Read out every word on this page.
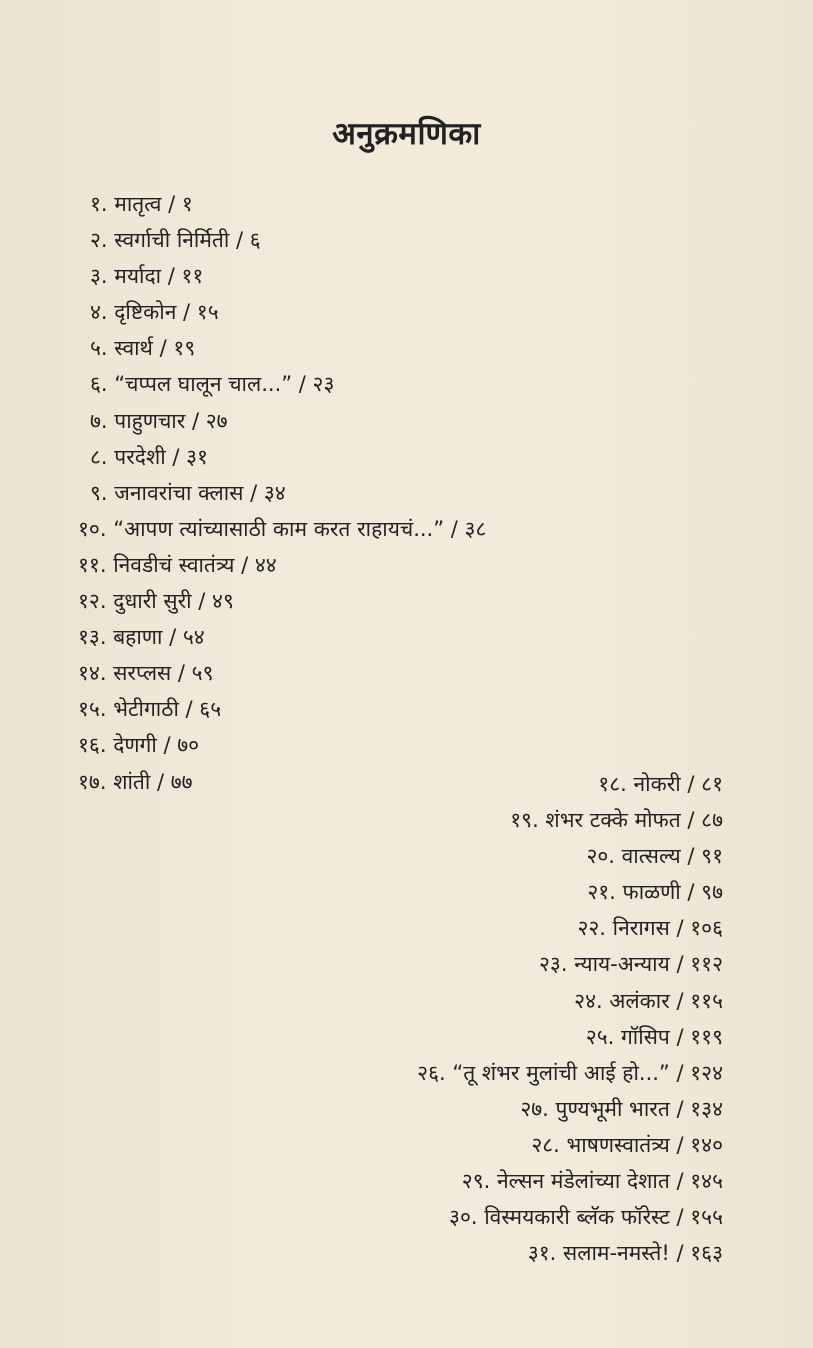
अनुक्रमणिका
१. मातृत्व / १
२. स्वर्गाची निर्मिती / ६
३. मर्यादा / ११
४. दृष्टिकोन / १५
५. स्वार्थ / १९
६. “चप्पल घालून चाल...” / २३
७. पाहुणचार / २७
८. परदेशी / ३१
९. जनावरांचा क्लास / ३४
१०. “आपण त्यांच्यासाठी काम करत राहायचं...” / ३८
११. निवडीचं स्वातंत्र्य / ४४
१२. दुधारी सुरी / ४९
१३. बहाणा / ५४
१४. सरप्लस / ५९
१५. भेटीगाठी / ६५
१६. देणगी / ७०
१७. शांती / ७७	१८. नोकरी / ८१
१९. शंभर टक्के मोफत / ८७
२०. वात्सल्य / ९१
२१. फाळणी / ९७
२२. निरागस / १०६
२३. न्याय-अन्याय / ११२
२४. अलंकार / ११५
२५. गॉसिप / ११९
२६. “तू शंभर मुलांची आई हो...” / १२४
२७. पुण्यभूमी भारत / १३४
२८. भाषणस्वातंत्र्य / १४०
२९. नेल्सन मंडेलांच्या देशात / १४५
३०. विस्मयकारी ब्लॅक फॉरेस्ट / १५५
३१. सलाम-नमस्ते! / १६३
